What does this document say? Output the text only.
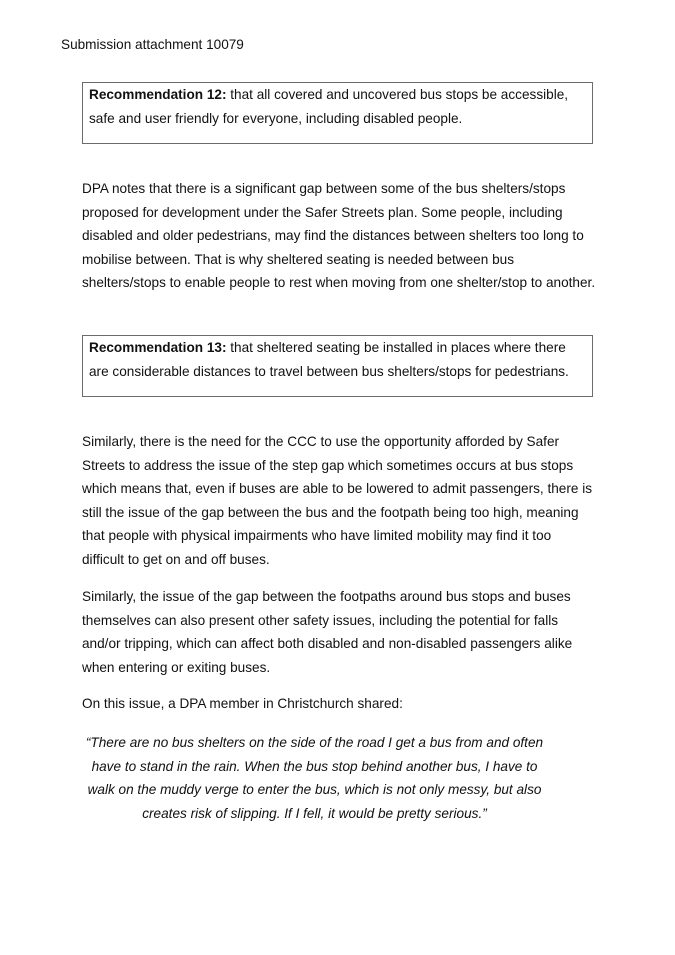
Submission attachment 10079

Recommendation 12: that all covered and uncovered bus stops be accessible, safe and user friendly for everyone, including disabled people.

DPA notes that there is a significant gap between some of the bus shelters/stops proposed for development under the Safer Streets plan. Some people, including disabled and older pedestrians, may find the distances between shelters too long to mobilise between. That is why sheltered seating is needed between bus shelters/stops to enable people to rest when moving from one shelter/stop to another.

Recommendation 13: that sheltered seating be installed in places where there are considerable distances to travel between bus shelters/stops for pedestrians.

Similarly, there is the need for the CCC to use the opportunity afforded by Safer Streets to address the issue of the step gap which sometimes occurs at bus stops which means that, even if buses are able to be lowered to admit passengers, there is still the issue of the gap between the bus and the footpath being too high, meaning that people with physical impairments who have limited mobility may find it too difficult to get on and off buses.

Similarly, the issue of the gap between the footpaths around bus stops and buses themselves can also present other safety issues, including the potential for falls and/or tripping, which can affect both disabled and non-disabled passengers alike when entering or exiting buses.

On this issue, a DPA member in Christchurch shared:

“There are no bus shelters on the side of the road I get a bus from and often have to stand in the rain. When the bus stop behind another bus, I have to walk on the muddy verge to enter the bus, which is not only messy, but also creates risk of slipping. If I fell, it would be pretty serious.”
